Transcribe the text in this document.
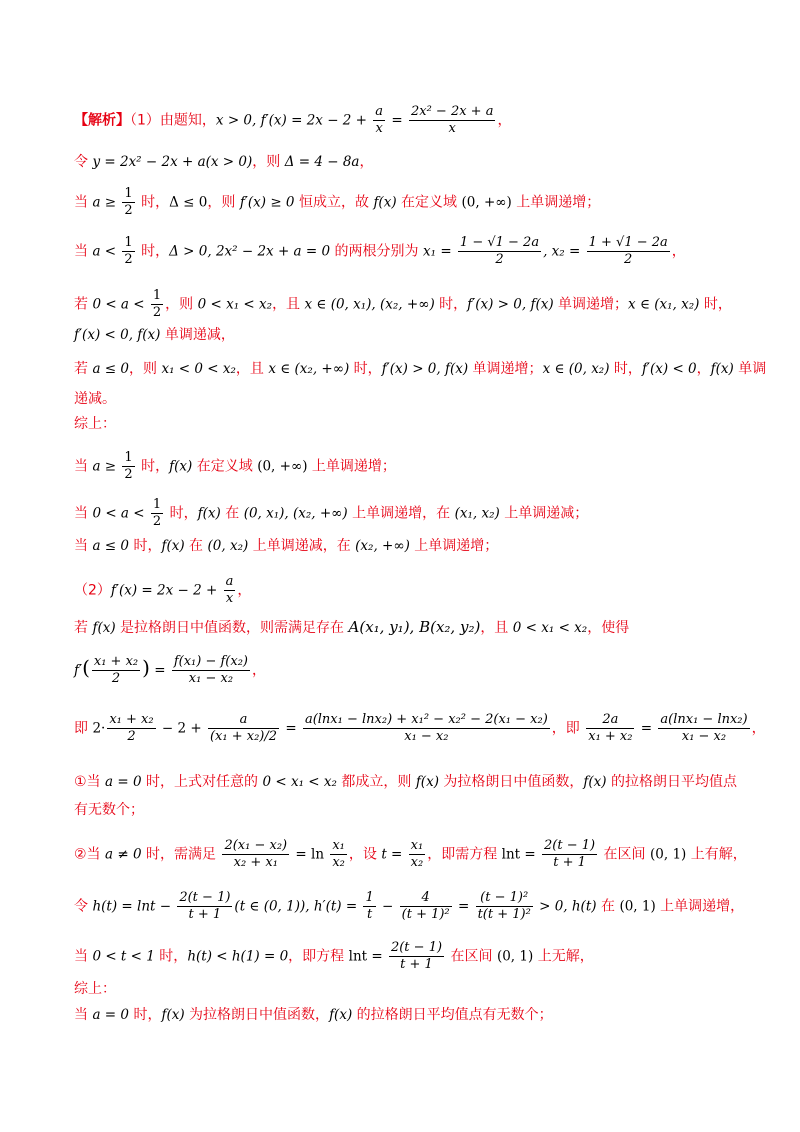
【解析】（1）由题知，x > 0, $f'(x) = 2x - 2 + \frac{a}{x} = \frac{\text{2x² − 2x + a}}{x}$ ，
令 y = 2x² − 2x + a(x > 0)，则 Δ = 4 − 8a，
当 $a \ge \frac{1}{2}$ 时，Δ ≤ 0，则 f′(x) ≥ 0 恒成立，故 f(x) 在定义域 (0, +∞) 上单调递增；
当 $a < \frac{1}{2}$ 时，Δ > 0, 2x² − 2x + a = 0 的两根分别为 $x_1 = \frac{1 - √1 - 2a}{2}$ , $x_2 = \frac{1 + √1 - 2a}{2}$ ，
若 $0 < a < \frac{1}{2}$ ，则 0 < x₁ < x₂，且 x ∈ (0, x₁), (x₂, +∞) 时，f′(x) > 0, f(x) 单调递增；x ∈ (x₁, x₂) 时，
f′(x) < 0, f(x) 单调递减，
若 a ≤ 0，则 x₁ < 0 < x₂，且 x ∈ (x₂, +∞) 时，f′(x) > 0, f(x) 单调递增；x ∈ (0, x₂) 时，f′(x) < 0，f(x) 单调
递减。
综上：
当 $a \ge \frac{1}{2}$ 时，f(x) 在定义域 (0, +∞) 上单调递增；
当 $0 < a < \frac{1}{2}$ 时，f(x) 在 (0, x₁), (x₂, +∞) 上单调递增，在 (x₁, x₂) 上单调递减；
当 a ≤ 0 时，f(x) 在 (0, x₂) 上单调递减，在 (x₂, +∞) 上单调递增；
$(2)f'(x) = 2x - 2 + \frac{a}{x}$ ，
若 f(x) 是拉格朗日中值函数，则需满足存在 A(x₁, y₁), B(x₂, y₂)，且 0 < x₁ < x₂，使得
$f'( \frac{\text{x₁ + x₂}}{2}$ ) = $\frac{\text{f(x₁) − f(x₂)}}{\text{x₁ − x₂}}$ ，
即 $2\cdot \frac{\text{x₁ + x₂}}{2} - 2 + \frac{a}{\text{(x₁ + x₂)/2}} = \frac{\text{a(lnx₁ − lnx₂) + x₁² − x₂² − 2(x₁ − x₂)}}{\text{x₁ − x₂}}$ ，即 $\frac{2a}{\text{x₁ + x₂}} = \frac{\text{a(lnx₁ − lnx₂)}}{\text{x₁ − x₂}}$ ，
①当 a = 0 时，上式对任意的 0 < x₁ < x₂ 都成立，则 f(x) 为拉格朗日中值函数，f(x) 的拉格朗日平均值点
有无数个；
②当 a ≠ 0 时，需满足 $\frac{\text{2(x₁ − x₂)}}{\text{x₂ + x₁}} = \ln \frac{\text{x₁}}{\text{x₂}}$ ，设 $t = \frac{\text{x₁}}{\text{x₂}}$ ，即需方程 $\ln t = \frac{2(t - 1)}{t + 1}$ 在区间 (0, 1) 上有解，
令 $h(t) = \ln t - \frac{2(t - 1)}{t + 1} (t$ ∈ (0, 1)), $h'(t) = \frac{1}{t} - \frac{4}{\text{(t + 1)²}} = \frac{\text{(t − 1)²}}{\text{t(t + 1)²}} > 0$, h(t) 在 (0, 1) 上单调递增，
当 0 < t < 1 时，h(t) < h(1) = 0，即方程 $\ln t = \frac{2(t - 1)}{t + 1}$ 在区间 (0, 1) 上无解，
综上：
当 a = 0 时，f(x) 为拉格朗日中值函数，f(x) 的拉格朗日平均值点有无数个；
